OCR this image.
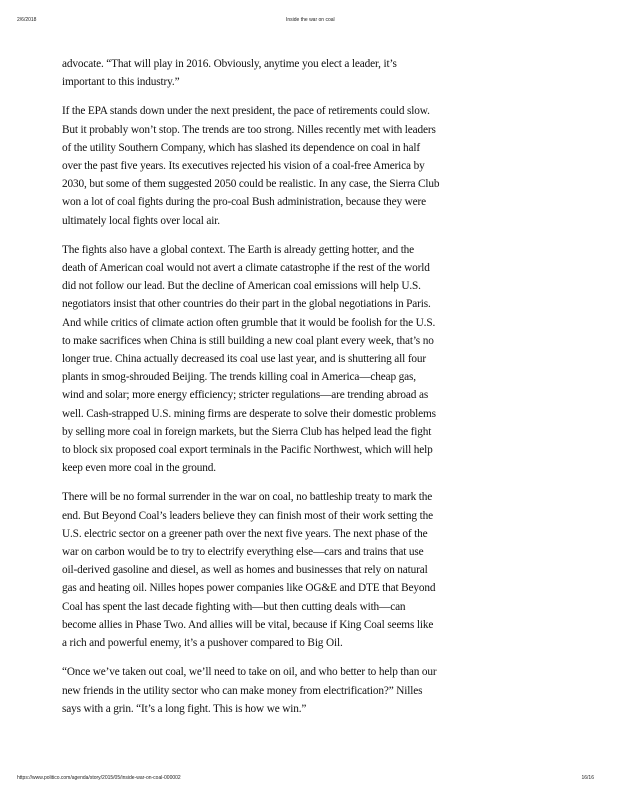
2/6/2018	Inside the war on coal

advocate. “That will play in 2016. Obviously, anytime you elect a leader, it’s important to this industry.”

If the EPA stands down under the next president, the pace of retirements could slow. But it probably won’t stop. The trends are too strong. Nilles recently met with leaders of the utility Southern Company, which has slashed its dependence on coal in half over the past five years. Its executives rejected his vision of a coal-free America by 2030, but some of them suggested 2050 could be realistic. In any case, the Sierra Club won a lot of coal fights during the pro-coal Bush administration, because they were ultimately local fights over local air.

The fights also have a global context. The Earth is already getting hotter, and the death of American coal would not avert a climate catastrophe if the rest of the world did not follow our lead. But the decline of American coal emissions will help U.S. negotiators insist that other countries do their part in the global negotiations in Paris. And while critics of climate action often grumble that it would be foolish for the U.S. to make sacrifices when China is still building a new coal plant every week, that’s no longer true. China actually decreased its coal use last year, and is shuttering all four plants in smog-shrouded Beijing. The trends killing coal in America—cheap gas, wind and solar; more energy efficiency; stricter regulations—are trending abroad as well. Cash-strapped U.S. mining firms are desperate to solve their domestic problems by selling more coal in foreign markets, but the Sierra Club has helped lead the fight to block six proposed coal export terminals in the Pacific Northwest, which will help keep even more coal in the ground.

There will be no formal surrender in the war on coal, no battleship treaty to mark the end. But Beyond Coal’s leaders believe they can finish most of their work setting the U.S. electric sector on a greener path over the next five years. The next phase of the war on carbon would be to try to electrify everything else—cars and trains that use oil-derived gasoline and diesel, as well as homes and businesses that rely on natural gas and heating oil. Nilles hopes power companies like OG&E and DTE that Beyond Coal has spent the last decade fighting with—but then cutting deals with—can become allies in Phase Two. And allies will be vital, because if King Coal seems like a rich and powerful enemy, it’s a pushover compared to Big Oil.

“Once we’ve taken out coal, we’ll need to take on oil, and who better to help than our new friends in the utility sector who can make money from electrification?” Nilles says with a grin. “It’s a long fight. This is how we win.”

https://www.politico.com/agenda/story/2015/05/inside-war-on-coal-000002	16/16
